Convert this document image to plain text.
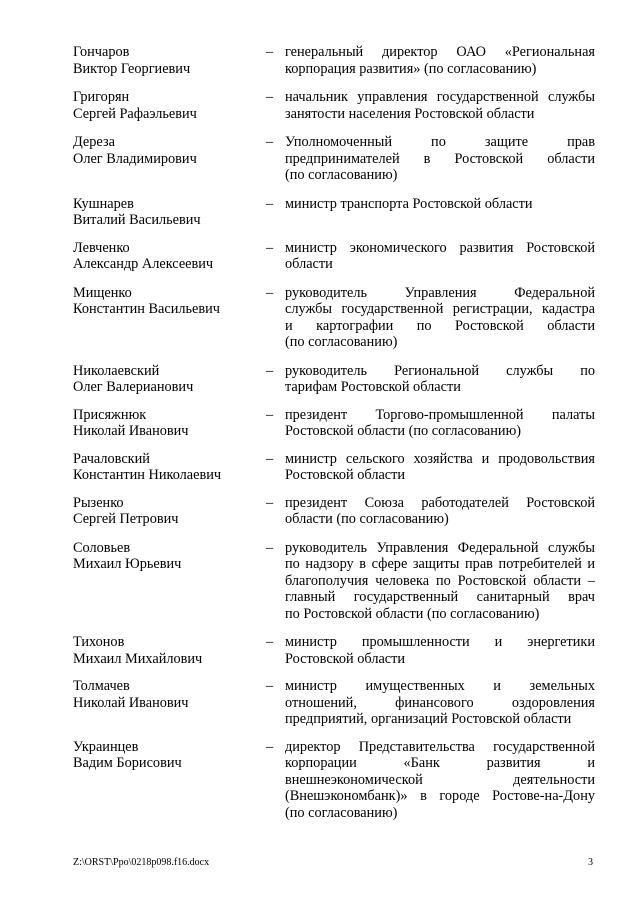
Гончаров
Виктор Георгиевич
– генеральный директор ОАО «Региональная
корпорация развития» (по согласованию)
Григорян
Сергей Рафаэльевич
– начальник управления государственной службы
занятости населения Ростовской области
Дереза
Олег Владимирович
– Уполномоченный по защите прав
предпринимателей в Ростовской области
(по согласованию)
Кушнарев
Виталий Васильевич
– министр транспорта Ростовской области
Левченко
Александр Алексеевич
– министр экономического развития Ростовской
области
Мищенко
Константин Васильевич
– руководитель Управления Федеральной
службы государственной регистрации, кадастра
и картографии по Ростовской области
(по согласованию)
Николаевский
Олег Валерианович
– руководитель Региональной службы по
тарифам Ростовской области
Присяжнюк
Николай Иванович
– президент Торгово-промышленной палаты
Ростовской области (по согласованию)
Рачаловский
Константин Николаевич
– министр сельского хозяйства и продовольствия
Ростовской области
Рызенко
Сергей Петрович
– президент Союза работодателей Ростовской
области (по согласованию)
Соловьев
Михаил Юрьевич
– руководитель Управления Федеральной службы
по надзору в сфере защиты прав потребителей и
благополучия человека по Ростовской области –
главный государственный санитарный врач
по Ростовской области (по согласованию)
Тихонов
Михаил Михайлович
– министр промышленности и энергетики
Ростовской области
Толмачев
Николай Иванович
– министр имущественных и земельных
отношений, финансового оздоровления
предприятий, организаций Ростовской области
Украинцев
Вадим Борисович
– директор Представительства государственной
корпорации «Банк развития и
внешнеэкономической деятельности
(Внешэкономбанк)» в городе Ростове-на-Дону
(по согласованию)
Z:\ORST\Ppo\0218p098.f16.docx	3
